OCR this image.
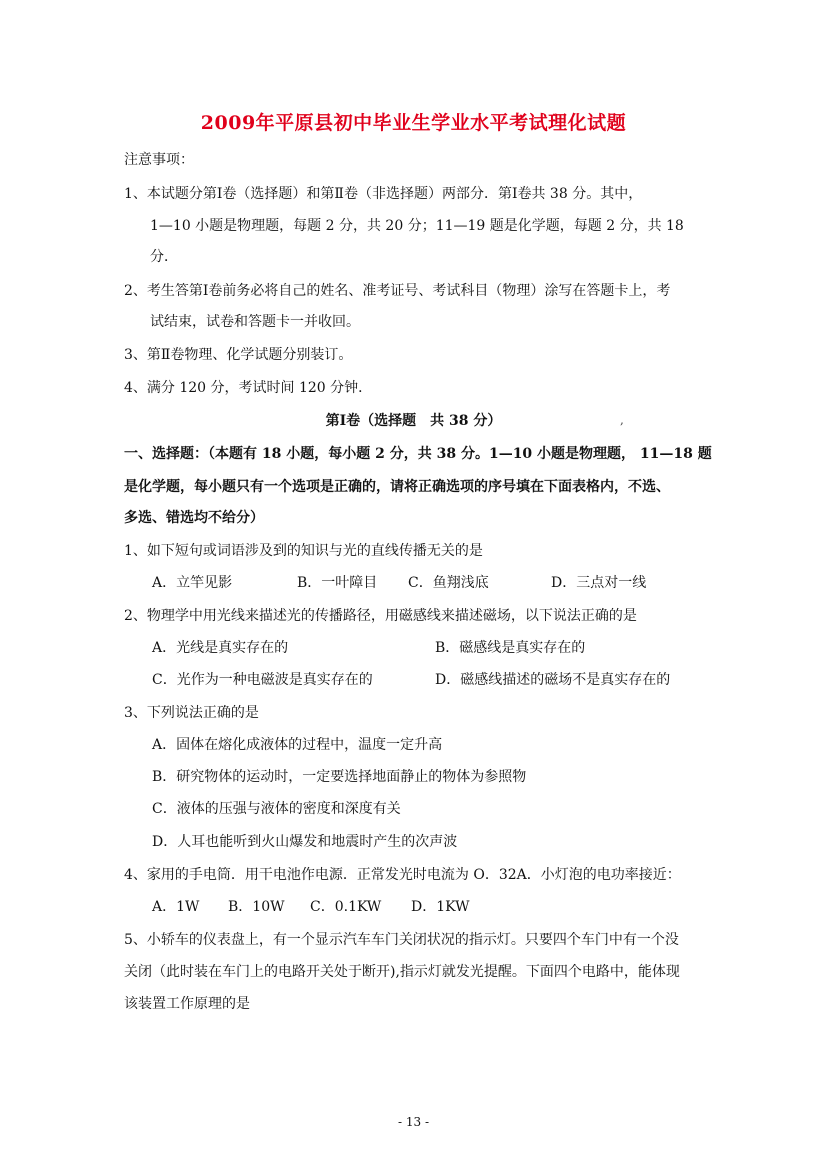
2009年平原县初中毕业生学业水平考试理化试题
注意事项：
1、本试题分第Ⅰ卷（选择题）和第Ⅱ卷（非选择题）两部分．第Ⅰ卷共 38 分。其中，
1—10 小题是物理题，每题 2 分，共 20 分；11—19 题是化学题，每题 2 分，共 18
分．
2、考生答第Ⅰ卷前务必将自己的姓名、准考证号、考试科目（物理）涂写在答题卡上，考
试结束，试卷和答题卡一并收回。
3、第Ⅱ卷物理、化学试题分别装订。
4、满分 120 分，考试时间 120 分钟．
第Ⅰ卷（选择题　共 38 分）	,
一、选择题：（本题有 18 小题，每小题 2 分，共 38 分。1—10 小题是物理题， 11—18 题
是化学题，每小题只有一个选项是正确的，请将正确选项的序号填在下面表格内，不选、
多选、错选均不给分）
1、如下短句或词语涉及到的知识与光的直线传播无关的是
A．立竿见影	B．一叶障目 C．鱼翔浅底	D．三点对一线
2、物理学中用光线来描述光的传播路径，用磁感线来描述磁场，以下说法正确的是
A．光线是真实存在的	B．磁感线是真实存在的
C．光作为一种电磁波是真实存在的	D．磁感线描述的磁场不是真实存在的
3、下列说法正确的是
A．固体在熔化成液体的过程中，温度一定升高
B．研究物体的运动时，一定要选择地面静止的物体为参照物
C．液体的压强与液体的密度和深度有关
D．人耳也能听到火山爆发和地震时产生的次声波
4、家用的手电筒．用干电池作电源．正常发光时电流为 O．32A．小灯泡的电功率接近：
A．1W B．10W C．0.1KW D．1KW
5、小轿车的仪表盘上，有一个显示汽车车门关闭状况的指示灯。只要四个车门中有一个没
关闭（此时装在车门上的电路开关处于断开),指示灯就发光提醒。下面四个电路中，能体现
该装置工作原理的是
- 13 -
